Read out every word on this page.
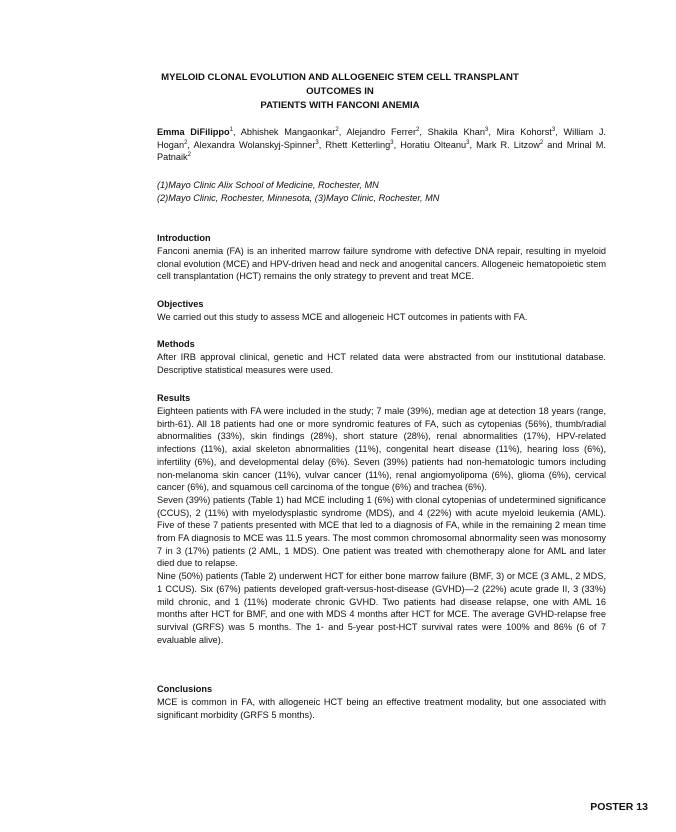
MYELOID CLONAL EVOLUTION AND ALLOGENEIC STEM CELL TRANSPLANT OUTCOMES IN
PATIENTS WITH FANCONI ANEMIA
Emma DiFilippo$^1$, Abhishek Mangaonkar$^2$, Alejandro Ferrer$^2$, Shakila Khan$^3$, Mira Kohorst$^3$, William J. Hogan$^2$, Alexandra Wolanskyj-Spinner$^3$, Rhett Ketterling$^3$, Horatiu Olteanu$^3$, Mark R. Litzow$^2$ and Mrinal M. Patnaik$^2$
(1)Mayo Clinic Alix School of Medicine, Rochester, MN
(2)Mayo Clinic, Rochester, Minnesota, (3)Mayo Clinic, Rochester, MN
Introduction

Fanconi anemia (FA) is an inherited marrow failure syndrome with defective DNA repair, resulting in myeloid clonal evolution (MCE) and HPV-driven head and neck and anogenital cancers. Allogeneic hematopoietic stem cell transplantation (HCT) remains the only strategy to prevent and treat MCE.

Objectives

We carried out this study to assess MCE and allogeneic HCT outcomes in patients with FA.

Methods

After IRB approval clinical, genetic and HCT related data were abstracted from our institutional database. Descriptive statistical measures were used.

Results

Eighteen patients with FA were included in the study; 7 male (39%), median age at detection 18 years (range, birth-61). All 18 patients had one or more syndromic features of FA, such as cytopenias (56%), thumb/radial abnormalities (33%), skin findings (28%), short stature (28%), renal abnormalities (17%), HPV-related infections (11%), axial skeleton abnormalities (11%), congenital heart disease (11%), hearing loss (6%), infertility (6%), and developmental delay (6%). Seven (39%) patients had non-hematologic tumors including non-melanoma skin cancer (11%), vulvar cancer (11%), renal angiomyolipoma (6%), glioma (6%), cervical cancer (6%), and squamous cell carcinoma of the tongue (6%) and trachea (6%).

Seven (39%) patients (Table 1) had MCE including 1 (6%) with clonal cytopenias of undetermined significance (CCUS), 2 (11%) with myelodysplastic syndrome (MDS), and 4 (22%) with acute myeloid leukemia (AML). Five of these 7 patients presented with MCE that led to a diagnosis of FA, while in the remaining 2 mean time from FA diagnosis to MCE was 11.5 years. The most common chromosomal abnormality seen was monosomy 7 in 3 (17%) patients (2 AML, 1 MDS). One patient was treated with chemotherapy alone for AML and later died due to relapse.

Nine (50%) patients (Table 2) underwent HCT for either bone marrow failure (BMF, 3) or MCE (3 AML, 2 MDS, 1 CCUS). Six (67%) patients developed graft-versus-host-disease (GVHD)—2 (22%) acute grade II, 3 (33%) mild chronic, and 1 (11%) moderate chronic GVHD. Two patients had disease relapse, one with AML 16 months after HCT for BMF, and one with MDS 4 months after HCT for MCE. The average GVHD-relapse free survival (GRFS) was 5 months. The 1- and 5-year post-HCT survival rates were 100% and 86% (6 of 7 evaluable alive).

Conclusions

MCE is common in FA, with allogeneic HCT being an effective treatment modality, but one associated with significant morbidity (GRFS 5 months).

POSTER 13
